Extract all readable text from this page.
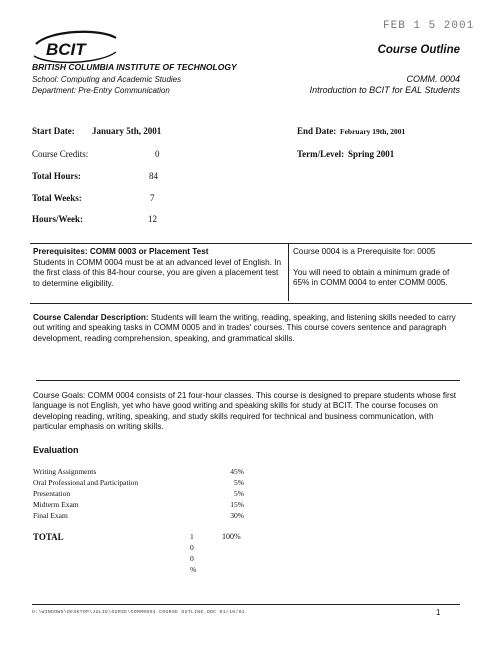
FEB 1 5 2001
BCIT
BRITISH COLUMBIA INSTITUTE OF TECHNOLOGY
School: Computing and Academic Studies
Department: Pre-Entry Communication
Course Outline
COMM. 0004
Introduction to BCIT for EAL Students
Start Date: January 5th, 2001	End Date: February 19th, 2001
Course Credits:	0	Term/Level: Spring 2001
Total Hours:	84
Total Weeks:	7
Hours/Week:	12
Prerequisites: COMM 0003 or Placement Test
Students in COMM 0004 must be at an advanced level of English. In the first class of this 84-hour course, you are given a placement test to determine eligibility.
Course 0004 is a Prerequisite for: 0005
You will need to obtain a minimum grade of 65% in COMM 0004 to enter COMM 0005.
Course Calendar Description: Students will learn the writing, reading, speaking, and listening skills needed to carry out writing and speaking tasks in COMM 0005 and in trades' courses. This course covers sentence and paragraph development, reading comprehension, speaking, and grammatical skills.
Course Goals: COMM 0004 consists of 21 four-hour classes. This course is designed to prepare students whose first language is not English, yet who have good writing and speaking skills for study at BCIT. The course focuses on developing reading, writing, speaking, and study skills required for technical and business communication, with particular emphasis on writing skills.
Evaluation
Writing Assignments	45%
Oral Professional and Participation	5%
Presentation	5%
Midterm Exam	15%
Final Exam	30%
TOTAL	100%
1
0
0
%
O:\WINDOWS\DESKTOP\JULIE\OURSE\COMM0004 COURSE OUTLINE.DOC 01/10/01	1
